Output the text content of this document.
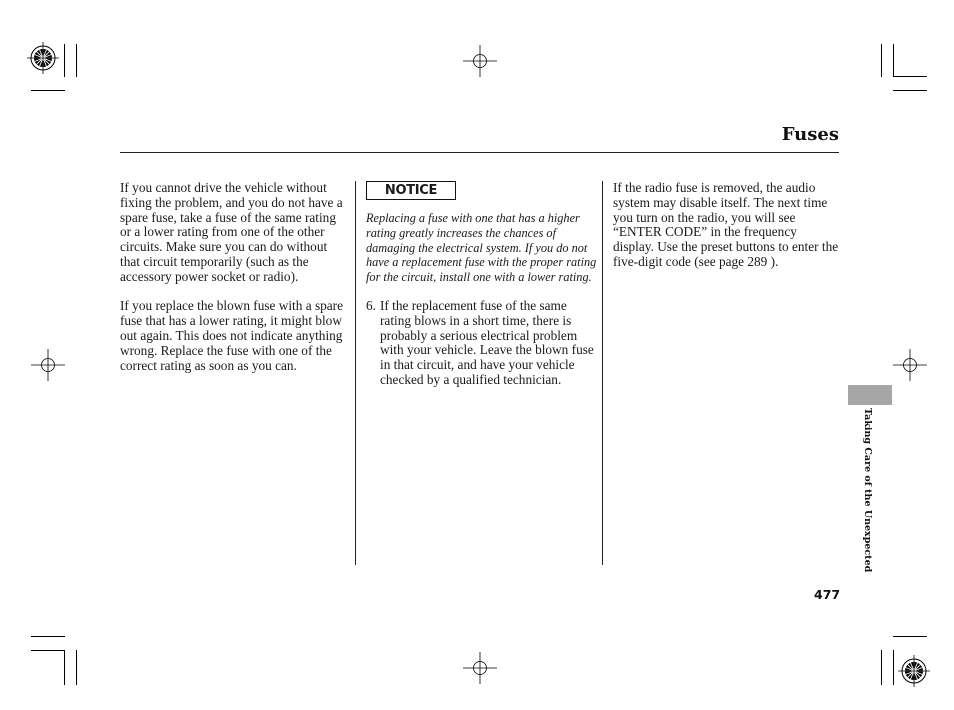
Fuses

If you cannot drive the vehicle without fixing the problem, and you do not have a spare fuse, take a fuse of the same rating or a lower rating from one of the other circuits. Make sure you can do without that circuit temporarily (such as the accessory power socket or radio).

If you replace the blown fuse with a spare fuse that has a lower rating, it might blow out again. This does not indicate anything wrong. Replace the fuse with one of the correct rating as soon as you can.

NOTICE

Replacing a fuse with one that has a higher rating greatly increases the chances of damaging the electrical system. If you do not have a replacement fuse with the proper rating for the circuit, install one with a lower rating.

6. If the replacement fuse of the same rating blows in a short time, there is probably a serious electrical problem with your vehicle. Leave the blown fuse in that circuit, and have your vehicle checked by a qualified technician.
If the radio fuse is removed, the audio system may disable itself. The next time you turn on the radio, you will see “ENTER CODE” in the frequency display. Use the preset buttons to enter the five-digit code (see page 289 ).
Taking Care of the Unexpected
477
